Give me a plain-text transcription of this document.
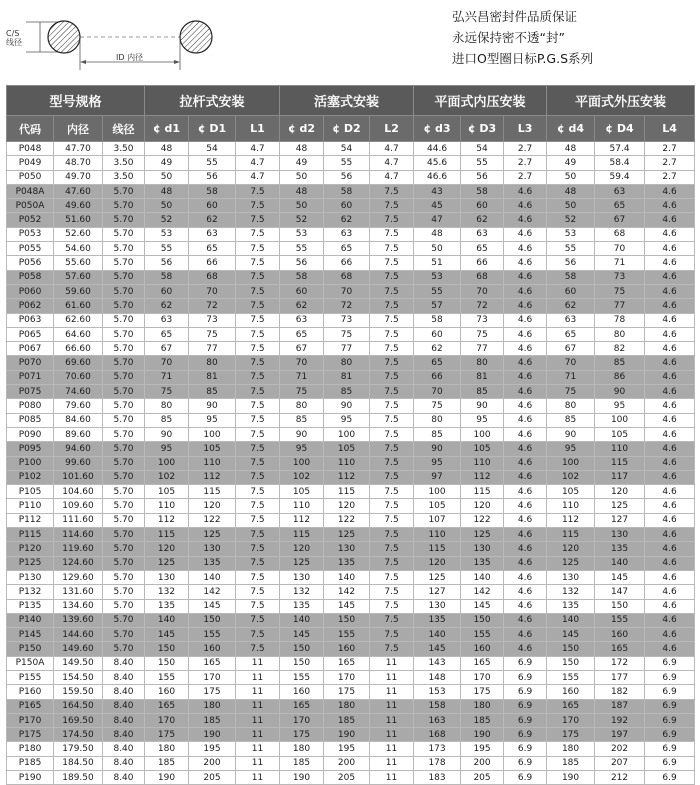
C/S
线径
ID 内径
弘兴昌密封件品质保证
永远保持密不透“封”
进口O型圈日标P.G.S系列
型号规格			拉杆式安装			活塞式安装			平面式内压安装			平面式外压安装		
代码	内径	线径	¢ d1	¢ D1	L1	¢ d2	¢ D2	L2	¢ d3	¢ D3	L3	¢ d4	¢ D4	L4
P048	47.70	3.50	48	54	4.7	48	54	4.7	44.6	54	2.7	48	57.4	2.7
P049	48.70	3.50	49	55	4.7	49	55	4.7	45.6	55	2.7	49	58.4	2.7
P050	49.70	3.50	50	56	4.7	50	56	4.7	46.6	56	2.7	50	59.4	2.7
P048A	47.60	5.70	48	58	7.5	48	58	7.5	43	58	4.6	48	63	4.6
P050A	49.60	5.70	50	60	7.5	50	60	7.5	45	60	4.6	50	65	4.6
P052	51.60	5.70	52	62	7.5	52	62	7.5	47	62	4.6	52	67	4.6
P053	52.60	5.70	53	63	7.5	53	63	7.5	48	63	4.6	53	68	4.6
P055	54.60	5.70	55	65	7.5	55	65	7.5	50	65	4.6	55	70	4.6
P056	55.60	5.70	56	66	7.5	56	66	7.5	51	66	4.6	56	71	4.6
P058	57.60	5.70	58	68	7.5	58	68	7.5	53	68	4.6	58	73	4.6
P060	59.60	5.70	60	70	7.5	60	70	7.5	55	70	4.6	60	75	4.6
P062	61.60	5.70	62	72	7.5	62	72	7.5	57	72	4.6	62	77	4.6
P063	62.60	5.70	63	73	7.5	63	73	7.5	58	73	4.6	63	78	4.6
P065	64.60	5.70	65	75	7.5	65	75	7.5	60	75	4.6	65	80	4.6
P067	66.60	5.70	67	77	7.5	67	77	7.5	62	77	4.6	67	82	4.6
P070	69.60	5.70	70	80	7.5	70	80	7.5	65	80	4.6	70	85	4.6
P071	70.60	5.70	71	81	7.5	71	81	7.5	66	81	4.6	71	86	4.6
P075	74.60	5.70	75	85	7.5	75	85	7.5	70	85	4.6	75	90	4.6
P080	79.60	5.70	80	90	7.5	80	90	7.5	75	90	4.6	80	95	4.6
P085	84.60	5.70	85	95	7.5	85	95	7.5	80	95	4.6	85	100	4.6
P090	89.60	5.70	90	100	7.5	90	100	7.5	85	100	4.6	90	105	4.6
P095	94.60	5.70	95	105	7.5	95	105	7.5	90	105	4.6	95	110	4.6
P100	99.60	5.70	100	110	7.5	100	110	7.5	95	110	4.6	100	115	4.6
P102	101.60	5.70	102	112	7.5	102	112	7.5	97	112	4.6	102	117	4.6
P105	104.60	5.70	105	115	7.5	105	115	7.5	100	115	4.6	105	120	4.6
P110	109.60	5.70	110	120	7.5	110	120	7.5	105	120	4.6	110	125	4.6
P112	111.60	5.70	112	122	7.5	112	122	7.5	107	122	4.6	112	127	4.6
P115	114.60	5.70	115	125	7.5	115	125	7.5	110	125	4.6	115	130	4.6
P120	119.60	5.70	120	130	7.5	120	130	7.5	115	130	4.6	120	135	4.6
P125	124.60	5.70	125	135	7.5	125	135	7.5	120	135	4.6	125	140	4.6
P130	129.60	5.70	130	140	7.5	130	140	7.5	125	140	4.6	130	145	4.6
P132	131.60	5.70	132	142	7.5	132	142	7.5	127	142	4.6	132	147	4.6
P135	134.60	5.70	135	145	7.5	135	145	7.5	130	145	4.6	135	150	4.6
P140	139.60	5.70	140	150	7.5	140	150	7.5	135	150	4.6	140	155	4.6
P145	144.60	5.70	145	155	7.5	145	155	7.5	140	155	4.6	145	160	4.6
P150	149.60	5.70	150	160	7.5	150	160	7.5	145	160	4.6	150	165	4.6
P150A	149.50	8.40	150	165	11	150	165	11	143	165	6.9	150	172	6.9
P155	154.50	8.40	155	170	11	155	170	11	148	170	6.9	155	177	6.9
P160	159.50	8.40	160	175	11	160	175	11	153	175	6.9	160	182	6.9
P165	164.50	8.40	165	180	11	165	180	11	158	180	6.9	165	187	6.9
P170	169.50	8.40	170	185	11	170	185	11	163	185	6.9	170	192	6.9
P175	174.50	8.40	175	190	11	175	190	11	168	190	6.9	175	197	6.9
P180	179.50	8.40	180	195	11	180	195	11	173	195	6.9	180	202	6.9
P185	184.50	8.40	185	200	11	185	200	11	178	200	6.9	185	207	6.9
P190	189.50	8.40	190	205	11	190	205	11	183	205	6.9	190	212	6.9
